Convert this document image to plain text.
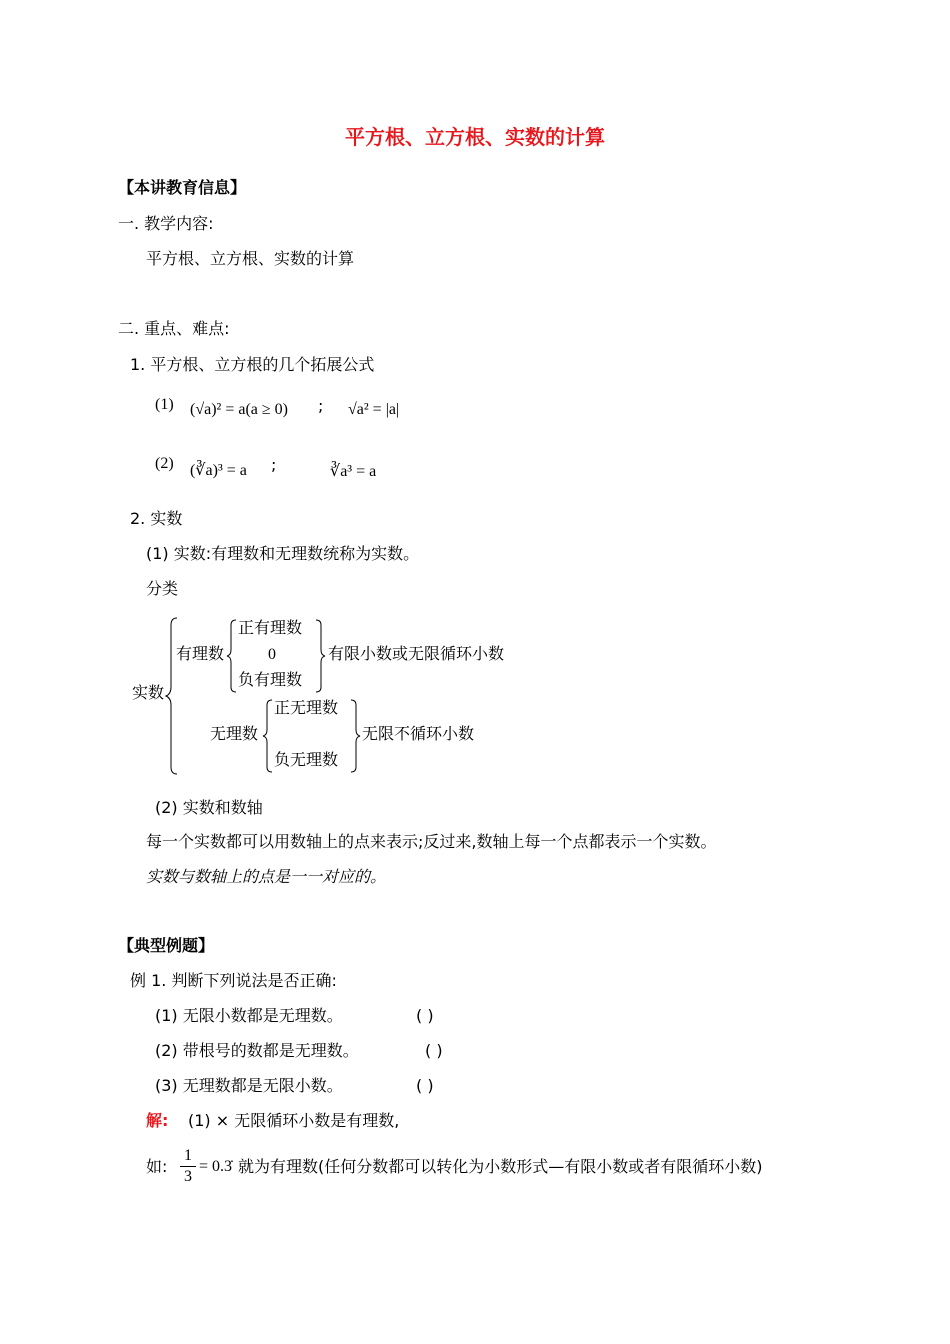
平方根、立方根、实数的计算
【本讲教育信息】
一. 教学内容:
平方根、立方根、实数的计算
二. 重点、难点:
1. 平方根、立方根的几个拓展公式
(1) (√a)² = a(a ≥ 0) ; √a² = |a|
(2) (∛a)³ = a ;	∛a³ = a
2. 实数
(1) 实数:有理数和无理数统称为实数。
分类
实数
有理数
正有理数
0
负有理数
有限小数或无限循环小数
无理数
正无理数
负无理数
无限不循环小数
(2) 实数和数轴
每一个实数都可以用数轴上的点来表示;反过来,数轴上每一个点都表示一个实数。
实数与数轴上的点是一一对应的。
【典型例题】
例 1. 判断下列说法是否正确:
(1) 无限小数都是无理数。	( )
(2) 带根号的数都是无理数。	( )
(3) 无理数都是无限小数。	( )
解: (1) × 无限循环小数是有理数,
如:
1
3
= 0.3̇ 就为有理数(任何分数都可以转化为小数形式—有限小数或者有限循环小数)
